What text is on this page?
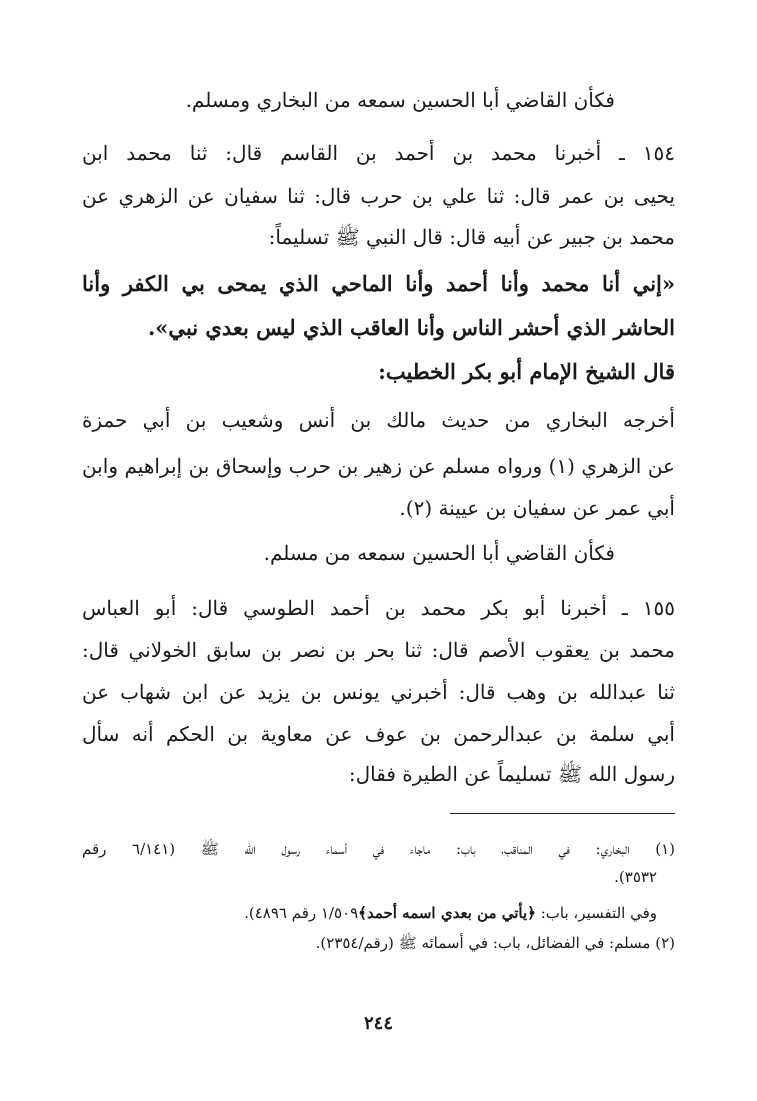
فكأن القاضي أبا الحسين سمعه من البخاري ومسلم.
١٥٤ ـ أخبرنا محمد بن أحمد بن القاسم قال: ثنا محمد ابن
يحيى بن عمر قال: ثنا علي بن حرب قال: ثنا سفيان عن الزهري عن
محمد بن جبير عن أبيه قال: قال النبي ﷺ تسليماً:
«إني أنا محمد وأنا أحمد وأنا الماحي الذي يمحى بي الكفر وأنا
الحاشر الذي أحشر الناس وأنا العاقب الذي ليس بعدي نبي».
قال الشيخ الإمام أبو بكر الخطيب:
أخرجه البخاري من حديث مالك بن أنس وشعيب بن أبي حمزة
عن الزهري (١) ورواه مسلم عن زهير بن حرب وإسحاق بن إبراهيم وابن
أبي عمر عن سفيان بن عيينة (٢).
فكأن القاضي أبا الحسين سمعه من مسلم.
١٥٥ ـ أخبرنا أبو بكر محمد بن أحمد الطوسي قال: أبو العباس
محمد بن يعقوب الأصم قال: ثنا بحر بن نصر بن سابق الخولاني قال:
ثنا عبدالله بن وهب قال: أخبرني يونس بن يزيد عن ابن شهاب عن
أبي سلمة بن عبدالرحمن بن عوف عن معاوية بن الحكم أنه سأل
رسول الله ﷺ تسليماً عن الطيرة فقال:
(١) البخاري: في المناقب، باب: ماجاء في أسماء رسول الله ﷺ (٦/١٤١ رقم
٣٥٣٢).
وفي التفسير، باب: ﴿يأتي من بعدي اسمه أحمد﴾١/٥٠٩ رقم ٤٨٩٦).
(٢) مسلم: في الفضائل، باب: في أسمائه ﷺ (رقم/٢٣٥٤).
٢٤٤
